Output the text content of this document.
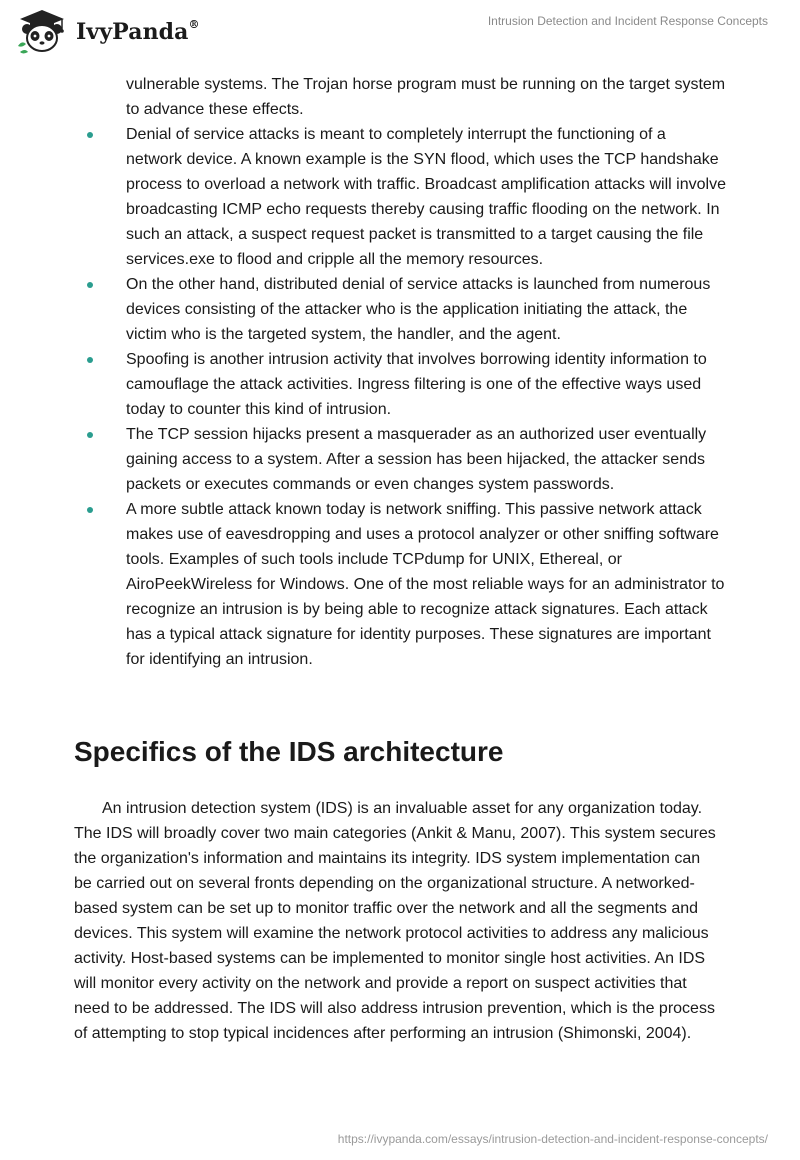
IvyPanda®	Intrusion Detection and Incident Response Concepts

vulnerable systems. The Trojan horse program must be running on the target system to advance these effects.

Denial of service attacks is meant to completely interrupt the functioning of a network device. A known example is the SYN flood, which uses the TCP handshake process to overload a network with traffic. Broadcast amplification attacks will involve broadcasting ICMP echo requests thereby causing traffic flooding on the network. In such an attack, a suspect request packet is transmitted to a target causing the file services.exe to flood and cripple all the memory resources.
On the other hand, distributed denial of service attacks is launched from numerous devices consisting of the attacker who is the application initiating the attack, the victim who is the targeted system, the handler, and the agent.
Spoofing is another intrusion activity that involves borrowing identity information to camouflage the attack activities. Ingress filtering is one of the effective ways used today to counter this kind of intrusion.
The TCP session hijacks present a masquerader as an authorized user eventually gaining access to a system. After a session has been hijacked, the attacker sends packets or executes commands or even changes system passwords.
A more subtle attack known today is network sniffing. This passive network attack makes use of eavesdropping and uses a protocol analyzer or other sniffing software tools. Examples of such tools include TCPdump for UNIX, Ethereal, or AiroPeekWireless for Windows. One of the most reliable ways for an administrator to recognize an intrusion is by being able to recognize attack signatures. Each attack has a typical attack signature for identity purposes. These signatures are important for identifying an intrusion.
Specifics of the IDS architecture

An intrusion detection system (IDS) is an invaluable asset for any organization today. The IDS will broadly cover two main categories (Ankit & Manu, 2007). This system secures the organization's information and maintains its integrity. IDS system implementation can be carried out on several fronts depending on the organizational structure. A networked-based system can be set up to monitor traffic over the network and all the segments and devices. This system will examine the network protocol activities to address any malicious activity. Host-based systems can be implemented to monitor single host activities. An IDS will monitor every activity on the network and provide a report on suspect activities that need to be addressed. The IDS will also address intrusion prevention, which is the process of attempting to stop typical incidences after performing an intrusion (Shimonski, 2004).

https://ivypanda.com/essays/intrusion-detection-and-incident-response-concepts/
